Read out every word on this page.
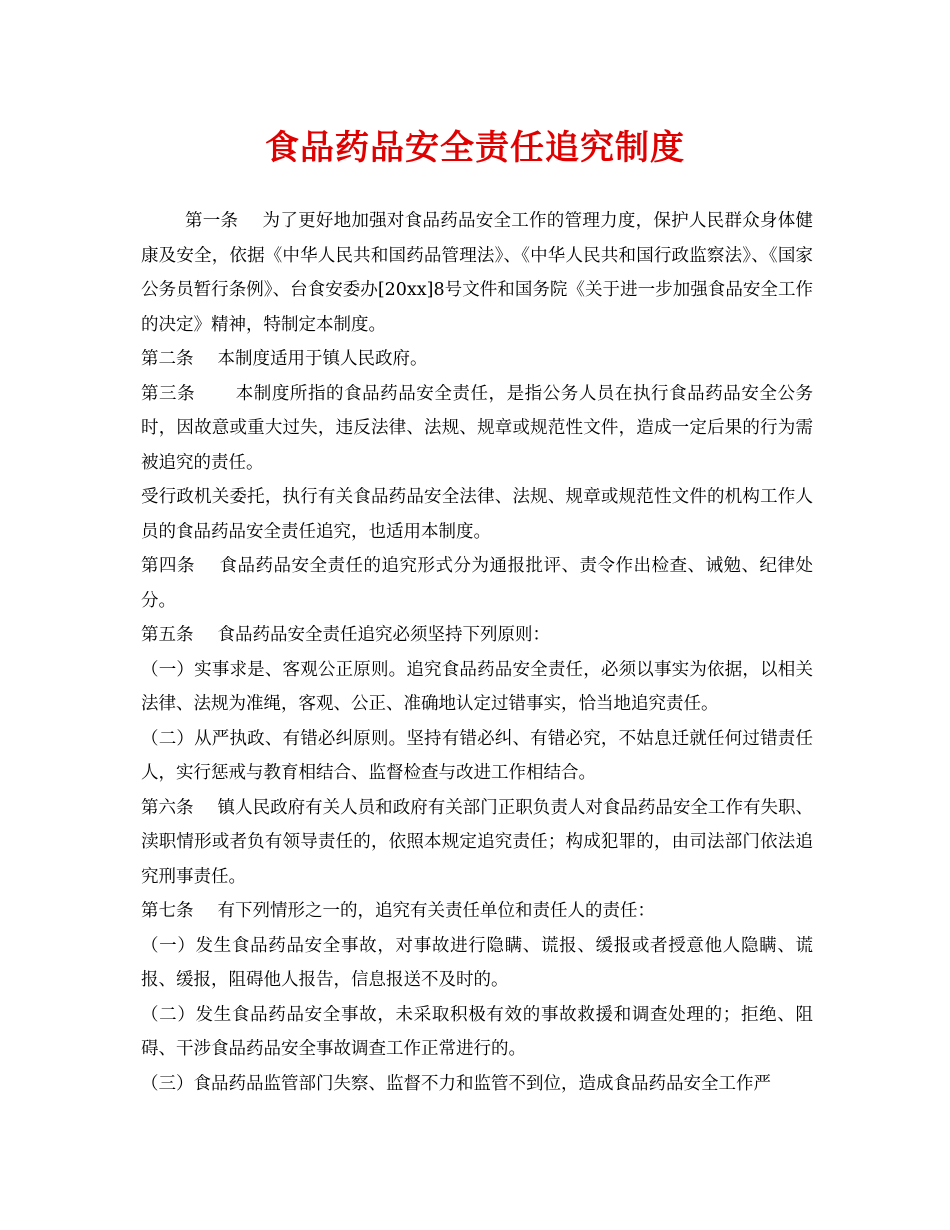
食品药品安全责任追究制度

第一条 为了更好地加强对食品药品安全工作的管理力度，保护人民群众身体健康及安全，依据《中华人民共和国药品管理法》、《中华人民共和国行政监察法》、《国家公务员暂行条例》、台食安委办[20xx]8号文件和国务院《关于进一步加强食品安全工作的决定》精神，特制定本制度。

第二条 本制度适用于镇人民政府。

第三条 本制度所指的食品药品安全责任，是指公务人员在执行食品药品安全公务时，因故意或重大过失，违反法律、法规、规章或规范性文件，造成一定后果的行为需被追究的责任。

受行政机关委托，执行有关食品药品安全法律、法规、规章或规范性文件的机构工作人员的食品药品安全责任追究，也适用本制度。

第四条 食品药品安全责任的追究形式分为通报批评、责令作出检查、诫勉、纪律处分。

第五条 食品药品安全责任追究必须坚持下列原则：

（一）实事求是、客观公正原则。追究食品药品安全责任，必须以事实为依据，以相关法律、法规为准绳，客观、公正、准确地认定过错事实，恰当地追究责任。

（二）从严执政、有错必纠原则。坚持有错必纠、有错必究，不姑息迁就任何过错责任人，实行惩戒与教育相结合、监督检查与改进工作相结合。

第六条 镇人民政府有关人员和政府有关部门正职负责人对食品药品安全工作有失职、渎职情形或者负有领导责任的，依照本规定追究责任；构成犯罪的，由司法部门依法追究刑事责任。

第七条 有下列情形之一的，追究有关责任单位和责任人的责任：

（一）发生食品药品安全事故，对事故进行隐瞒、谎报、缓报或者授意他人隐瞒、谎报、缓报，阻碍他人报告，信息报送不及时的。

（二）发生食品药品安全事故，未采取积极有效的事故救援和调查处理的；拒绝、阻碍、干涉食品药品安全事故调查工作正常进行的。

（三）食品药品监管部门失察、监督不力和监管不到位，造成食品药品安全工作严
